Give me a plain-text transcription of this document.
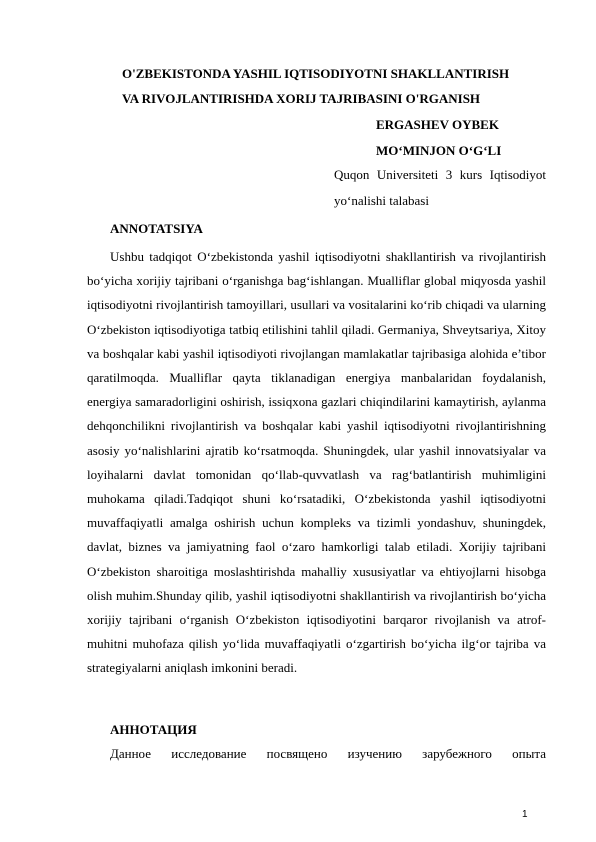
O'ZBEKISTONDA YASHIL IQTISODIYOTNI SHAKLLANTIRISH
VA RIVOJLANTIRISHDA XORIJ TAJRIBASINI O'RGANISH
ERGASHEV OYBEK
MO‘MINJON O‘G‘LI
Quqon Universiteti 3 kurs Iqtisodiyot yo‘nalishi talabasi
ANNOTATSIYA

Ushbu tadqiqot O‘zbekistonda yashil iqtisodiyotni shakllantirish va rivojlantirish bo‘yicha xorijiy tajribani o‘rganishga bag‘ishlangan. Mualliflar global miqyosda yashil iqtisodiyotni rivojlantirish tamoyillari, usullari va vositalarini ko‘rib chiqadi va ularning O‘zbekiston iqtisodiyotiga tatbiq etilishini tahlil qiladi. Germaniya, Shveytsariya, Xitoy va boshqalar kabi yashil iqtisodiyoti rivojlangan mamlakatlar tajribasiga alohida e’tibor qaratilmoqda. Mualliflar qayta tiklanadigan energiya manbalaridan foydalanish, energiya samaradorligini oshirish, issiqxona gazlari chiqindilarini kamaytirish, aylanma dehqonchilikni rivojlantirish va boshqalar kabi yashil iqtisodiyotni rivojlantirishning asosiy yo‘nalishlarini ajratib ko‘rsatmoqda. Shuningdek, ular yashil innovatsiyalar va loyihalarni davlat tomonidan qo‘llab-quvvatlash va rag‘batlantirish muhimligini muhokama qiladi.Tadqiqot shuni ko‘rsatadiki, O‘zbekistonda yashil iqtisodiyotni muvaffaqiyatli amalga oshirish uchun kompleks va tizimli yondashuv, shuningdek, davlat, biznes va jamiyatning faol o‘zaro hamkorligi talab etiladi. Xorijiy tajribani O‘zbekiston sharoitiga moslashtirishda mahalliy xususiyatlar va ehtiyojlarni hisobga olish muhim.Shunday qilib, yashil iqtisodiyotni shakllantirish va rivojlantirish bo‘yicha xorijiy tajribani o‘rganish O‘zbekiston iqtisodiyotini barqaror rivojlanish va atrof- muhitni muhofaza qilish yo‘lida muvaffaqiyatli o‘zgartirish bo‘yicha ilg‘or tajriba va strategiyalarni aniqlash imkonini beradi.

АННОТАЦИЯ

Данное исследование посвящено изучению зарубежного опыта

1
